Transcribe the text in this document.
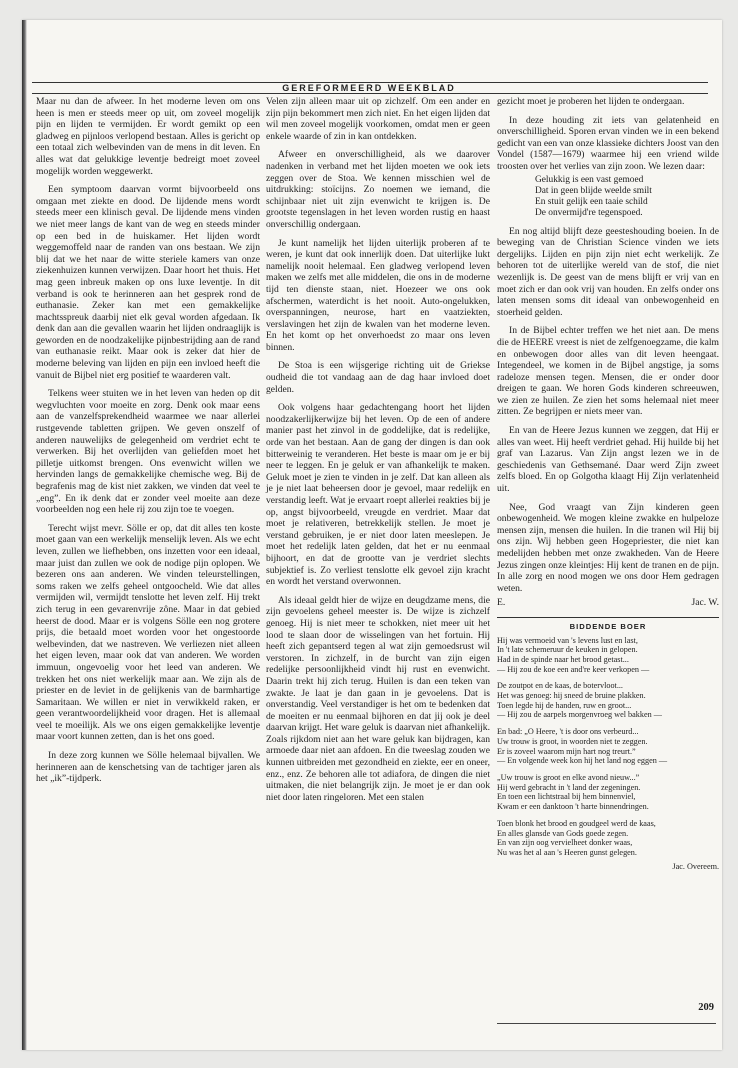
GEREFORMEERD WEEKBLAD

Maar nu dan de afweer. In het moderne leven om ons heen is men er steeds meer op uit, om zoveel mogelijk pijn en lijden te vermijden. Er wordt gemikt op een gladweg en pijnloos verlopend bestaan. Alles is gericht op een totaal zich welbevinden van de mens in dit leven. En alles wat dat gelukkige leventje bedreigt moet zoveel mogelijk worden weggewerkt.

Een symptoom daarvan vormt bijvoorbeeld ons omgaan met ziekte en dood. De lijdende mens wordt steeds meer een klinisch geval. De lijdende mens vinden we niet meer langs de kant van de weg en steeds minder op een bed in de huiskamer. Het lijden wordt weggemoffeld naar de randen van ons bestaan. We zijn blij dat we het naar de witte steriele kamers van onze ziekenhuizen kunnen verwijzen. Daar hoort het thuis. Het mag geen inbreuk maken op ons luxe leventje. In dit verband is ook te herinneren aan het gesprek rond de euthanasie. Zeker kan met een gemakkelijke machtsspreuk daarbij niet elk geval worden afgedaan. Ik denk dan aan die gevallen waarin het lijden ondraaglijk is geworden en de noodzakelijke pijnbestrijding aan de rand van euthanasie reikt. Maar ook is zeker dat hier de moderne beleving van lijden en pijn een invloed heeft die vanuit de Bijbel niet erg positief te waarderen valt.

Telkens weer stuiten we in het leven van heden op dit wegvluchten voor moeite en zorg. Denk ook maar eens aan de vanzelfsprekendheid waarmee we naar allerlei rustgevende tabletten grijpen. We geven onszelf of anderen nauwelijks de gelegenheid om verdriet echt te verwerken. Bij het overlijden van geliefden moet het pilletje uitkomst brengen. Ons evenwicht willen we hervinden langs de gemakkelijke chemische weg. Bij de begrafenis mag de kist niet zakken, we vinden dat veel te „eng”. En ik denk dat er zonder veel moeite aan deze voorbeelden nog een hele rij zou zijn toe te voegen.

Terecht wijst mevr. Sölle er op, dat dit alles ten koste moet gaan van een werkelijk menselijk leven. Als we echt leven, zullen we liefhebben, ons inzetten voor een ideaal, maar juist dan zullen we ook de nodige pijn oplopen. We bezeren ons aan anderen. We vinden teleurstellingen, soms raken we zelfs geheel ontgoocheld. Wie dat alles vermijden wil, vermijdt tenslotte het leven zelf. Hij trekt zich terug in een gevarenvrije zône. Maar in dat gebied heerst de dood. Maar er is volgens Sölle een nog grotere prijs, die betaald moet worden voor het ongestoorde welbevinden, dat we nastreven. We verliezen niet alleen het eigen leven, maar ook dat van anderen. We worden immuun, ongevoelig voor het leed van anderen. We trekken het ons niet werkelijk maar aan. We zijn als de priester en de leviet in de gelijkenis van de barmhartige Samaritaan. We willen er niet in verwikkeld raken, er geen verantwoordelijkheid voor dragen. Het is allemaal veel te moeilijk. Als we ons eigen gemakkelijke leventje maar voort kunnen zetten, dan is het ons goed.

In deze zorg kunnen we Sölle helemaal bijvallen. We herinneren aan de kenschetsing van de tachtiger jaren als het „ik”-tijdperk.

Velen zijn alleen maar uit op zichzelf. Om een ander en zijn pijn bekommert men zich niet. En het eigen lijden dat wil men zoveel mogelijk voorkomen, omdat men er geen enkele waarde of zin in kan ontdekken.

Afweer en onverschilligheid, als we daarover nadenken in verband met het lijden moeten we ook iets zeggen over de Stoa. We kennen misschien wel de uitdrukking: stoïcijns. Zo noemen we iemand, die schijnbaar niet uit zijn evenwicht te krijgen is. De grootste tegenslagen in het leven worden rustig en haast onverschillig ondergaan.

Je kunt namelijk het lijden uiterlijk proberen af te weren, je kunt dat ook innerlijk doen. Dat uiterlijke lukt namelijk nooit helemaal. Een gladweg verlopend leven maken we zelfs met alle middelen, die ons in de moderne tijd ten dienste staan, niet. Hoezeer we ons ook afschermen, waterdicht is het nooit. Auto-ongelukken, overspanningen, neurose, hart en vaatziekten, verslavingen het zijn de kwalen van het moderne leven. En het komt op het onverhoedst zo maar ons leven binnen.

De Stoa is een wijsgerige richting uit de Griekse oudheid die tot vandaag aan de dag haar invloed doet gelden.

Ook volgens haar gedachtengang hoort het lijden noodzakerlijkerwijze bij het leven. Op de een of andere manier past het zinvol in de goddelijke, dat is redelijke, orde van het bestaan. Aan de gang der dingen is dan ook bitterweinig te veranderen. Het beste is maar om je er bij neer te leggen. En je geluk er van afhankelijk te maken. Geluk moet je zien te vinden in je zelf. Dat kan alleen als je je niet laat beheersen door je gevoel, maar redelijk en verstandig leeft. Wat je ervaart roept allerlei reakties bij je op, angst bijvoorbeeld, vreugde en verdriet. Maar dat moet je relativeren, betrekkelijk stellen. Je moet je verstand gebruiken, je er niet door laten meeslepen. Je moet het redelijk laten gelden, dat het er nu eenmaal bijhoort, en dat de grootte van je verdriet slechts subjektief is. Zo verliest tenslotte elk gevoel zijn kracht en wordt het verstand overwonnen.

Als ideaal geldt hier de wijze en deugdzame mens, die zijn gevoelens geheel meester is. De wijze is zichzelf genoeg. Hij is niet meer te schokken, niet meer uit het lood te slaan door de wisselingen van het fortuin. Hij heeft zich gepantserd tegen al wat zijn gemoedsrust wil verstoren. In zichzelf, in de burcht van zijn eigen redelijke persoonlijkheid vindt hij rust en evenwicht. Daarin trekt hij zich terug. Huilen is dan een teken van zwakte. Je laat je dan gaan in je gevoelens. Dat is onverstandig. Veel verstandiger is het om te bedenken dat de moeiten er nu eenmaal bijhoren en dat jij ook je deel daarvan krijgt. Het ware geluk is daarvan niet afhankelijk. Zoals rijkdom niet aan het ware geluk kan bijdragen, kan armoede daar niet aan afdoen. En die tweeslag zouden we kunnen uitbreiden met gezondheid en ziekte, eer en oneer, enz., enz. Ze behoren alle tot adiafora, de dingen die niet uitmaken, die niet belangrijk zijn. Je moet je er dan ook niet door laten ringeloren. Met een stalen

gezicht moet je proberen het lijden te ondergaan.

In deze houding zit iets van gelatenheid en onverschilligheid. Sporen ervan vinden we in een bekend gedicht van een van onze klassieke dichters Joost van den Vondel (1587—1679) waarmee hij een vriend wilde troosten over het verlies van zijn zoon. We lezen daar:

Gelukkig is een vast gemoed
Dat in geen blijde weelde smilt
En stuit gelijk een taaie schild
De onvermijd're tegenspoed.

En nog altijd blijft deze geesteshouding boeien. In de beweging van de Christian Science vinden we iets dergelijks. Lijden en pijn zijn niet echt werkelijk. Ze behoren tot de uiterlijke wereld van de stof, die niet wezenlijk is. De geest van de mens blijft er vrij van en moet zich er dan ook vrij van houden. En zelfs onder ons laten mensen soms dit ideaal van onbewogenheid en stoerheid gelden.

In de Bijbel echter treffen we het niet aan. De mens die de HEERE vreest is niet de zelfgenoegzame, die kalm en onbewogen door alles van dit leven heengaat. Integendeel, we komen in de Bijbel angstige, ja soms radeloze mensen tegen. Mensen, die er onder door dreigen te gaan. We horen Gods kinderen schreeuwen, we zien ze huilen. Ze zien het soms helemaal niet meer zitten. Ze begrijpen er niets meer van.

En van de Heere Jezus kunnen we zeggen, dat Hij er alles van weet. Hij heeft verdriet gehad. Hij huilde bij het graf van Lazarus. Van Zijn angst lezen we in de geschiedenis van Gethsemané. Daar werd Zijn zweet zelfs bloed. En op Golgotha klaagt Hij Zijn verlatenheid uit.

Nee, God vraagt van Zijn kinderen geen onbewogenheid. We mogen kleine zwakke en hulpeloze mensen zijn, mensen die huilen. In die tranen wil Hij bij ons zijn. Wij hebben geen Hogepriester, die niet kan medelijden hebben met onze zwakheden. Van de Heere Jezus zingen onze kleintjes: Hij kent de tranen en de pijn. In alle zorg en nood mogen we ons door Hem gedragen weten.

E.	Jac. W.
BIDDENDE BOER
Hij was vermoeid van 's levens lust en last,
In 't late schemeruur de keuken in gelopen.
Had in de spinde naar het brood getast...
— Hij zou de koe een and're keer verkopen —
De zoutpot en de kaas, de botervloot...
Het was genoeg: hij sneed de bruine plakken.
Toen legde hij de handen, ruw en groot...
— Hij zou de aarpels morgenvroeg wel bakken —
En bad: „O Heere, 't is door ons verbeurd...
Uw trouw is groot, in woorden niet te zeggen.
Er is zoveel waarom mijn hart nog treurt.”
— En volgende week kon hij het land nog eggen —
„Uw trouw is groot en elke avond nieuw...”
Hij werd gebracht in 't land der zegeningen.
En toen een lichtstraal bij hem binnenviel,
Kwam er een danktoon 't harte binnendringen.
Toen blonk het brood en goudgeel werd de kaas,
En alles glansde van Gods goede zegen.
En van zijn oog vervielheet donker waas,
Nu was het al aan 's Heeren gunst gelegen.
Jac. Overeem.
209
